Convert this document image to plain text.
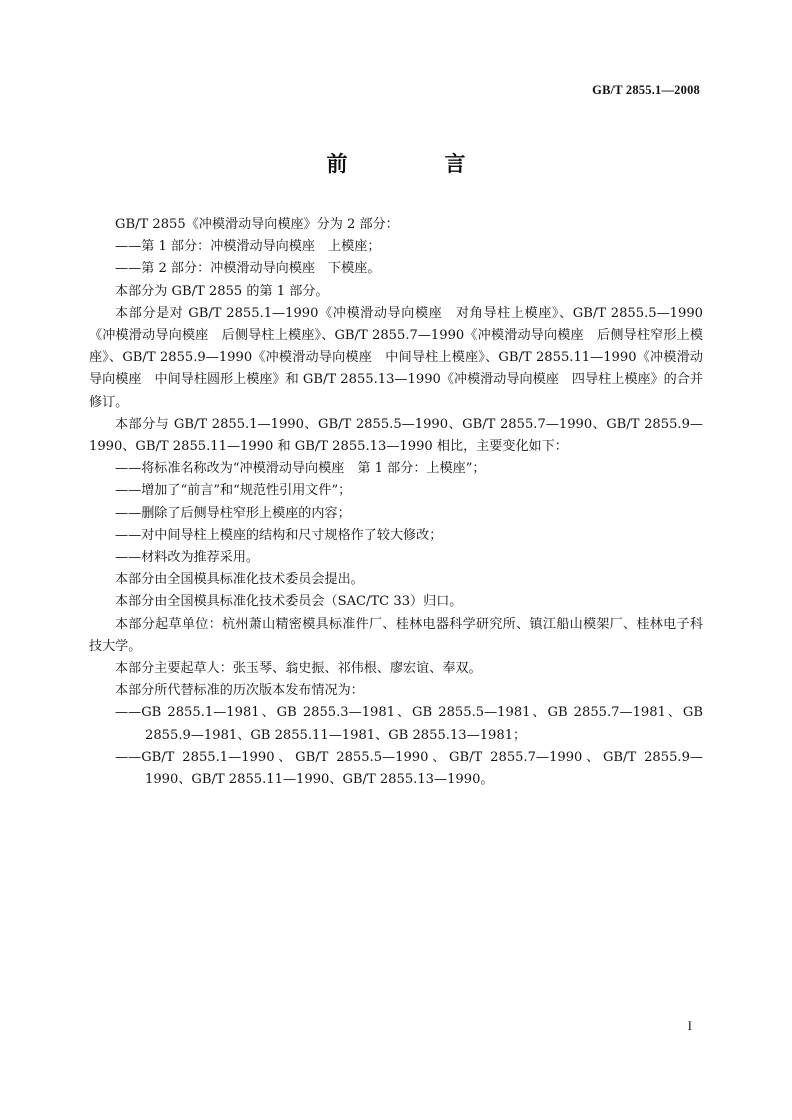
GB/T 2855.1—2008
前　言

GB/T 2855《冲模滑动导向模座》分为 2 部分：

——第 1 部分：冲模滑动导向模座　上模座；

——第 2 部分：冲模滑动导向模座　下模座。

本部分为 GB/T 2855 的第 1 部分。

本部分是对 GB/T 2855.1—1990《冲模滑动导向模座　对角导柱上模座》、GB/T 2855.5—1990《冲模滑动导向模座　后侧导柱上模座》、GB/T 2855.7—1990《冲模滑动导向模座　后侧导柱窄形上模座》、GB/T 2855.9—1990《冲模滑动导向模座　中间导柱上模座》、GB/T 2855.11—1990《冲模滑动导向模座　中间导柱圆形上模座》和 GB/T 2855.13—1990《冲模滑动导向模座　四导柱上模座》的合并修订。

本部分与 GB/T 2855.1—1990、GB/T 2855.5—1990、GB/T 2855.7—1990、GB/T 2855.9—1990、GB/T 2855.11—1990 和 GB/T 2855.13—1990 相比，主要变化如下：

——将标准名称改为“冲模滑动导向模座　第 1 部分：上模座”；

——增加了“前言”和“规范性引用文件”；

——删除了后侧导柱窄形上模座的内容；

——对中间导柱上模座的结构和尺寸规格作了较大修改；

——材料改为推荐采用。

本部分由全国模具标准化技术委员会提出。

本部分由全国模具标准化技术委员会（SAC/TC 33）归口。

本部分起草单位：杭州萧山精密模具标准件厂、桂林电器科学研究所、镇江船山模架厂、桂林电子科技大学。

本部分主要起草人：张玉琴、翁史振、祁伟根、廖宏谊、奉双。

本部分所代替标准的历次版本发布情况为：

——GB 2855.1—1981、GB 2855.3—1981、GB 2855.5—1981、GB 2855.7—1981、GB 2855.9—1981、GB 2855.11—1981、GB 2855.13—1981；

——GB/T 2855.1—1990、GB/T 2855.5—1990、GB/T 2855.7—1990、GB/T 2855.9—1990、GB/T 2855.11—1990、GB/T 2855.13—1990。

I
